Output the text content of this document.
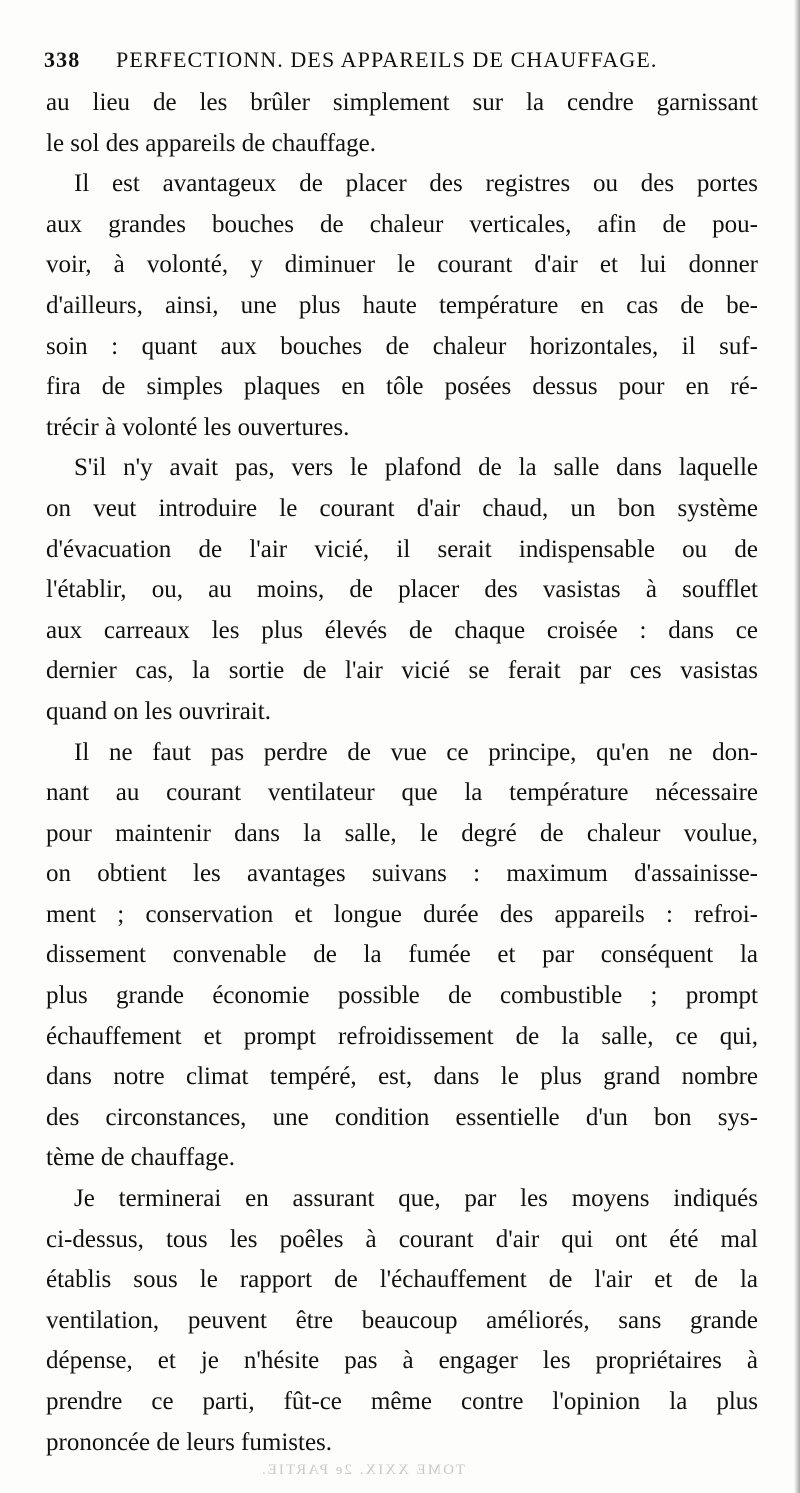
338 PERFECTIONN. DES APPAREILS DE CHAUFFAGE.
au lieu de les brûler simplement sur la cendre garnissant
le sol des appareils de chauffage.
Il est avantageux de placer des registres ou des portes
aux grandes bouches de chaleur verticales, afin de pou-
voir, à volonté, y diminuer le courant d'air et lui donner
d'ailleurs, ainsi, une plus haute température en cas de be-
soin : quant aux bouches de chaleur horizontales, il suf-
fira de simples plaques en tôle posées dessus pour en ré-
trécir à volonté les ouvertures.
S'il n'y avait pas, vers le plafond de la salle dans laquelle
on veut introduire le courant d'air chaud, un bon système
d'évacuation de l'air vicié, il serait indispensable ou de
l'établir, ou, au moins, de placer des vasistas à soufflet
aux carreaux les plus élevés de chaque croisée : dans ce
dernier cas, la sortie de l'air vicié se ferait par ces vasistas
quand on les ouvrirait.
Il ne faut pas perdre de vue ce principe, qu'en ne don-
nant au courant ventilateur que la température nécessaire
pour maintenir dans la salle, le degré de chaleur voulue,
on obtient les avantages suivans : maximum d'assainisse-
ment ; conservation et longue durée des appareils : refroi-
dissement convenable de la fumée et par conséquent la
plus grande économie possible de combustible ; prompt
échauffement et prompt refroidissement de la salle, ce qui,
dans notre climat tempéré, est, dans le plus grand nombre
des circonstances, une condition essentielle d'un bon sys-
tème de chauffage.
Je terminerai en assurant que, par les moyens indiqués
ci-dessus, tous les poêles à courant d'air qui ont été mal
établis sous le rapport de l'échauffement de l'air et de la
ventilation, peuvent être beaucoup améliorés, sans grande
dépense, et je n'hésite pas à engager les propriétaires à
prendre ce parti, fût-ce même contre l'opinion la plus
prononcée de leurs fumistes.
TOME XXIX. 2e PARTIE.
